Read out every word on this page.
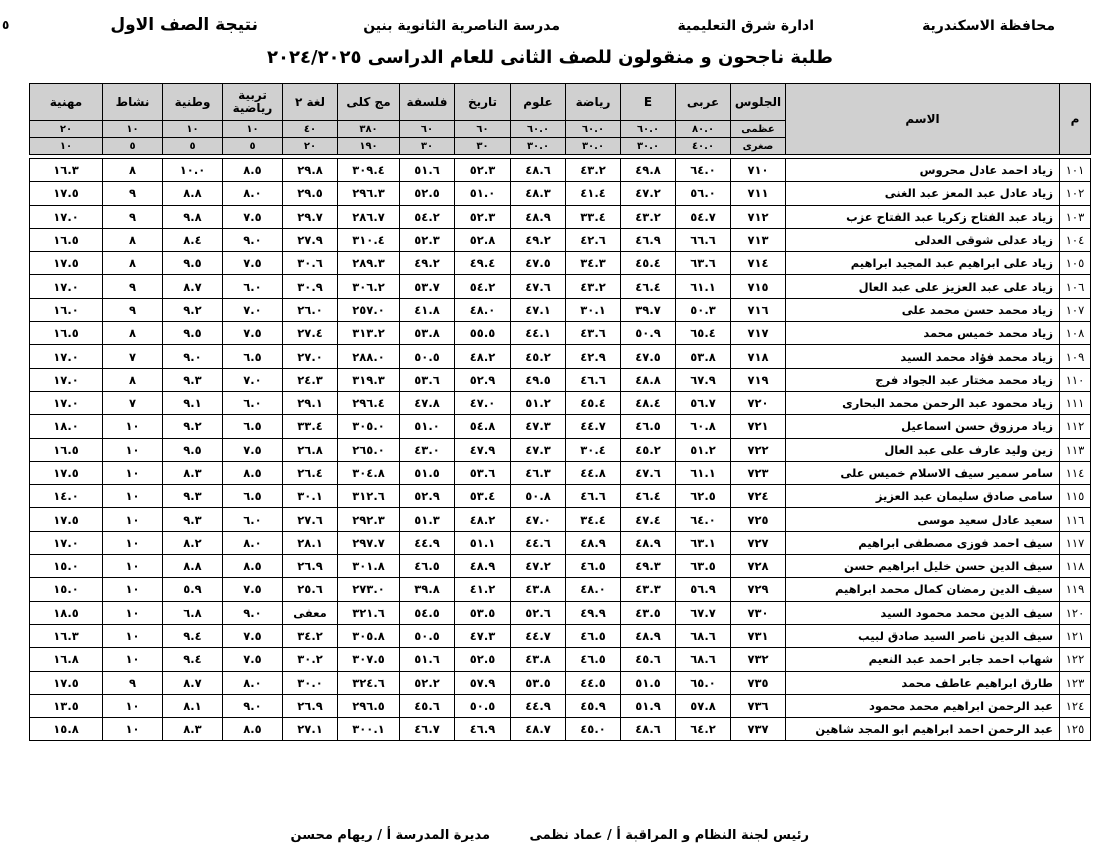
محافظة الاسكندرية
ادارة شرق التعليمية
مدرسة الناصرية الثانوية بنين
نتيجة الصف الاول
٥
طلبة ناجحون و منقولون للصف الثانى للعام الدراسى ٢٠٢٤/٢٠٢٥
م	الاسم	الجلوس	عربى	E	رياضة	علوم	تاريخ	فلسفة	مج كلى	لغة ٢	تربية رياضية	وطنية	نشاط	مهنية
		عظمى	٨٠.٠	٦٠.٠	٦٠.٠	٦٠.٠	٦٠	٦٠	٣٨٠	٤٠	١٠	١٠	١٠	٢٠
		صغرى	٤٠.٠	٣٠.٠	٣٠.٠	٣٠.٠	٣٠	٣٠	١٩٠	٢٠	٥	٥	٥	١٠

١٠١	زياد احمد عادل محروس	٧١٠	٦٤.٠	٤٩.٨	٤٣.٢	٤٨.٦	٥٢.٣	٥١.٦	٣٠٩.٤	٢٩.٨	٨.٥	١٠.٠	٨	١٦.٣
١٠٢	زياد عادل عبد المعز عبد الغنى	٧١١	٥٦.٠	٤٧.٢	٤١.٤	٤٨.٣	٥١.٠	٥٢.٥	٢٩٦.٣	٢٩.٥	٨.٠	٨.٨	٩	١٧.٥
١٠٣	زياد عبد الفتاح زكريا عبد الفتاح عزب	٧١٢	٥٤.٧	٤٣.٢	٣٣.٤	٤٨.٩	٥٢.٣	٥٤.٢	٢٨٦.٧	٢٩.٧	٧.٥	٩.٨	٩	١٧.٠
١٠٤	زياد عدلى شوقى العدلى	٧١٣	٦٦.٦	٤٦.٩	٤٢.٦	٤٩.٢	٥٢.٨	٥٢.٣	٣١٠.٤	٢٧.٩	٩.٠	٨.٤	٨	١٦.٥
١٠٥	زياد على ابراهيم عبد المجيد ابراهيم	٧١٤	٦٣.٦	٤٥.٤	٣٤.٣	٤٧.٥	٤٩.٤	٤٩.٢	٢٨٩.٣	٣٠.٦	٧.٥	٩.٥	٨	١٧.٥
١٠٦	زياد على عبد العزيز على عبد العال	٧١٥	٦١.١	٤٦.٤	٤٣.٢	٤٧.٦	٥٤.٢	٥٣.٧	٣٠٦.٢	٣٠.٩	٦.٠	٨.٧	٩	١٧.٠
١٠٧	زياد محمد حسن محمد على	٧١٦	٥٠.٣	٣٩.٧	٣٠.١	٤٧.١	٤٨.٠	٤١.٨	٢٥٧.٠	٢٦.٠	٧.٠	٩.٢	٩	١٦.٠
١٠٨	زياد محمد خميس محمد	٧١٧	٦٥.٤	٥٠.٩	٤٣.٦	٤٤.١	٥٥.٥	٥٣.٨	٣١٣.٢	٢٧.٤	٧.٥	٩.٥	٨	١٦.٥
١٠٩	زياد محمد فؤاد محمد السيد	٧١٨	٥٣.٨	٤٧.٥	٤٢.٩	٤٥.٢	٤٨.٢	٥٠.٥	٢٨٨.٠	٢٧.٠	٦.٥	٩.٠	٧	١٧.٠
١١٠	زياد محمد مختار عبد الجواد فرج	٧١٩	٦٧.٩	٤٨.٨	٤٦.٦	٤٩.٥	٥٢.٩	٥٣.٦	٣١٩.٣	٢٤.٣	٧.٠	٩.٣	٨	١٧.٠
١١١	زياد محمود عبد الرحمن محمد البحارى	٧٢٠	٥٦.٧	٤٨.٤	٤٥.٤	٥١.٢	٤٧.٠	٤٧.٨	٢٩٦.٤	٢٩.١	٦.٠	٩.١	٧	١٧.٠
١١٢	زياد مرزوق حسن اسماعيل	٧٢١	٦٠.٨	٤٦.٥	٤٤.٧	٤٧.٣	٥٤.٨	٥١.٠	٣٠٥.٠	٣٣.٤	٦.٥	٩.٢	١٠	١٨.٠
١١٣	زين وليد عارف على عبد العال	٧٢٢	٥١.٢	٤٥.٢	٣٠.٤	٤٧.٣	٤٧.٩	٤٣.٠	٢٦٥.٠	٢٦.٨	٧.٥	٩.٥	١٠	١٦.٥
١١٤	سامر سمير سيف الاسلام خميس على	٧٢٣	٦١.١	٤٧.٦	٤٤.٨	٤٦.٣	٥٣.٦	٥١.٥	٣٠٤.٨	٢٦.٤	٨.٥	٨.٣	١٠	١٧.٥
١١٥	سامى صادق سليمان عبد العزيز	٧٢٤	٦٢.٥	٤٦.٤	٤٦.٦	٥٠.٨	٥٣.٤	٥٢.٩	٣١٢.٦	٣٠.١	٦.٥	٩.٣	١٠	١٤.٠
١١٦	سعيد عادل سعيد موسى	٧٢٥	٦٤.٠	٤٧.٤	٣٤.٤	٤٧.٠	٤٨.٢	٥١.٣	٢٩٢.٣	٢٧.٦	٦.٠	٩.٣	١٠	١٧.٥
١١٧	سيف احمد فوزى مصطفى ابراهيم	٧٢٧	٦٣.١	٤٨.٩	٤٨.٩	٤٤.٦	٥١.١	٤٤.٩	٢٩٧.٧	٢٨.١	٨.٠	٨.٢	١٠	١٧.٠
١١٨	سيف الدين حسن خليل ابراهيم حسن	٧٢٨	٦٣.٥	٤٩.٣	٤٦.٥	٤٧.٢	٤٨.٩	٤٦.٥	٣٠١.٨	٢٦.٩	٨.٥	٨.٨	١٠	١٥.٠
١١٩	سيف الدين رمضان كمال محمد ابراهيم	٧٢٩	٥٦.٩	٤٣.٣	٤٨.٠	٤٣.٨	٤١.٢	٣٩.٨	٢٧٣.٠	٢٥.٦	٧.٥	٥.٩	١٠	١٥.٠
١٢٠	سيف الدين محمد محمود السيد	٧٣٠	٦٧.٧	٤٣.٥	٤٩.٩	٥٢.٦	٥٣.٥	٥٤.٥	٣٢١.٦	معفى	٩.٠	٦.٨	١٠	١٨.٥
١٢١	سيف الدين ناصر السيد صادق لبيب	٧٣١	٦٨.٦	٤٨.٩	٤٦.٥	٤٤.٧	٤٧.٣	٥٠.٥	٣٠٥.٨	٣٤.٢	٧.٥	٩.٤	١٠	١٦.٣
١٢٢	شهاب احمد جابر احمد عبد النعيم	٧٣٢	٦٨.٦	٤٥.٦	٤٦.٥	٤٣.٨	٥٢.٥	٥١.٦	٣٠٧.٥	٣٠.٢	٧.٥	٩.٤	١٠	١٦.٨
١٢٣	طارق ابراهيم عاطف محمد	٧٣٥	٦٥.٠	٥١.٥	٤٤.٥	٥٣.٥	٥٧.٩	٥٢.٢	٣٢٤.٦	٣٠.٠	٨.٠	٨.٧	٩	١٧.٥
١٢٤	عبد الرحمن ابراهيم محمد محمود	٧٣٦	٥٧.٨	٥١.٩	٤٥.٩	٤٤.٩	٥٠.٥	٤٥.٦	٢٩٦.٥	٢٦.٩	٩.٠	٨.١	١٠	١٣.٥
١٢٥	عبد الرحمن احمد ابراهيم ابو المجد شاهين	٧٣٧	٦٤.٢	٤٨.٦	٤٥.٠	٤٨.٧	٤٦.٩	٤٦.٧	٣٠٠.١	٢٧.١	٨.٥	٨.٣	١٠	١٥.٨
رئيس لجنة النظام و المراقبة أ / عماد نظمى
مديرة المدرسة أ / ريهام محسن
